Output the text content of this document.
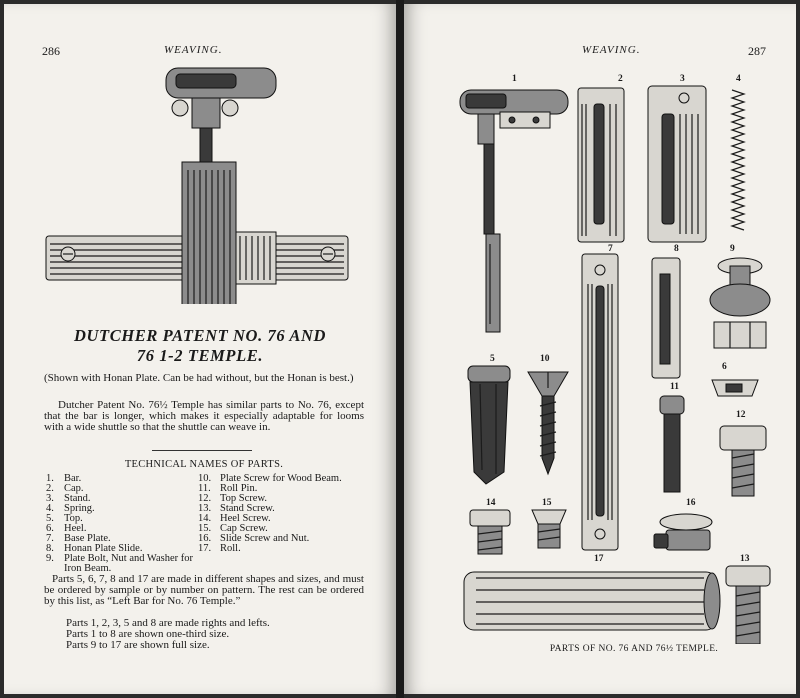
286	WEAVING.
DUTCHER PATENT NO. 76 AND
76 1-2 TEMPLE.
(Shown with Honan Plate. Can be had without, but the Honan is best.)
Dutcher Patent No. 76½ Temple has similar parts to No. 76, except that the bar is longer, which makes it especially adaptable for looms with a wide shuttle so that the shuttle can weave in.
TECHNICAL NAMES OF PARTS.
1. Bar.
2. Cap.
3. Stand.
4. Spring.
5. Top.
6. Heel.
7. Base Plate.
8. Honan Plate Slide.
9. Plate Bolt, Nut and Washer for Iron Beam.
10. Plate Screw for Wood Beam.
11. Roll Pin.
12. Top Screw.
13. Stand Screw.
14. Heel Screw.
15. Cap Screw.
16. Slide Screw and Nut.
17. Roll.
Parts 5, 6, 7, 8 and 17 are made in different shapes and sizes, and must be ordered by sample or by number on pattern. The rest can be ordered by this list, as “Left Bar for No. 76 Temple.”
Parts 1, 2, 3, 5 and 8 are made rights and lefts.
Parts 1 to 8 are shown one-third size.
Parts 9 to 17 are shown full size.
WEAVING.	287
1	2	3	4
5
6
7	8	9
10
11
12
13
14	15	16
17
PARTS OF NO. 76 AND 76½ TEMPLE.
